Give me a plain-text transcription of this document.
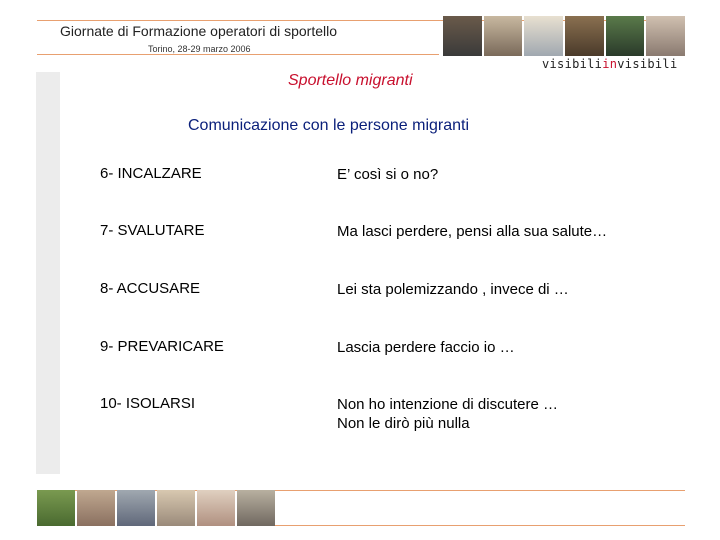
Giornate di Formazione operatori di sportello
Torino, 28-29 marzo 2006
visibiliinvisibili
Sportello migranti
Comunicazione con le persone migranti
6- INCALZARE	E’ così si o no?
7- SVALUTARE	Ma lasci perdere, pensi alla sua salute…
8- ACCUSARE	Lei sta polemizzando , invece di …
9- PREVARICARE	Lascia perdere faccio io …
10- ISOLARSI	Non ho intenzione di discutere …
Non le dirò più nulla
